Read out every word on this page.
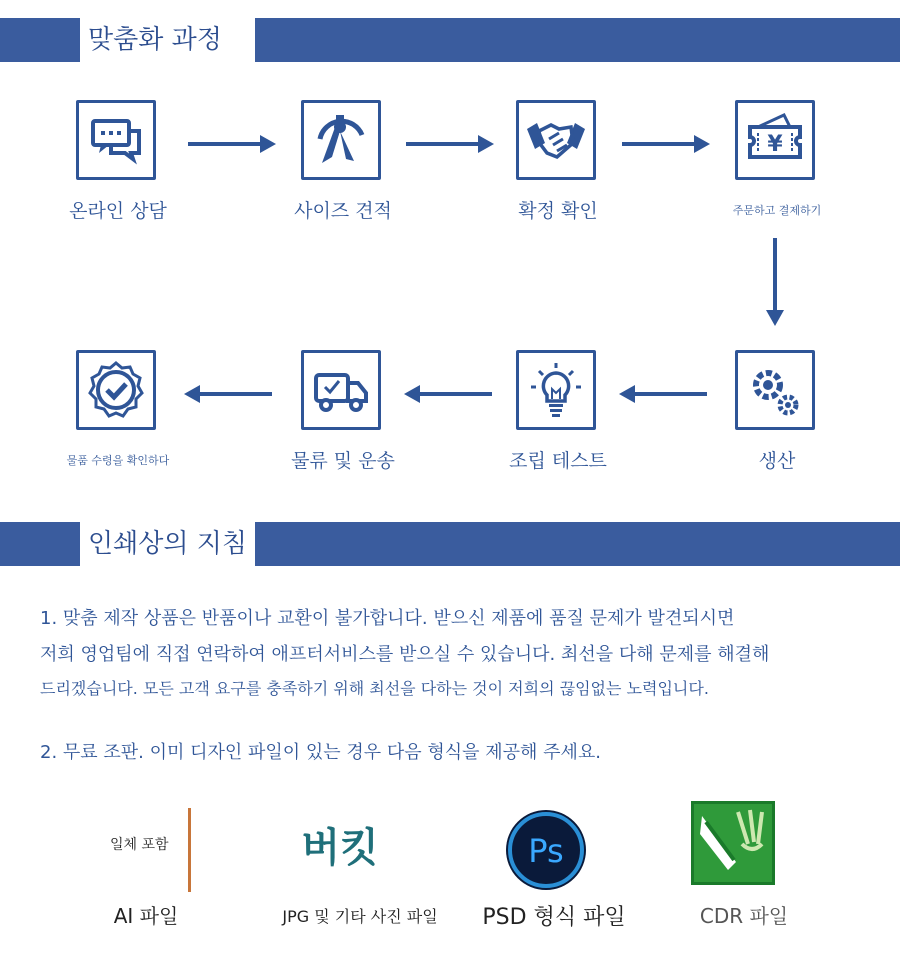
맞춤화 과정
온라인 상담	사이즈 견적	확정 확인
¥
주문하고 결제하기
생산
조립 테스트
물류 및 운송
물품 수령을 확인하다
인쇄상의 지침
1. 맞춤 제작 상품은 반품이나 교환이 불가합니다. 받으신 제품에 품질 문제가 발견되시면
저희 영업팀에 직접 연락하여 애프터서비스를 받으실 수 있습니다. 최선을 다해 문제를 해결해
드리겠습니다. 모든 고객 요구를 충족하기 위해 최선을 다하는 것이 저희의 끊임없는 노력입니다.
2. 무료 조판. 이미 디자인 파일이 있는 경우 다음 형식을 제공해 주세요.
일체 포함
AI 파일
버킷
JPG 및 기타 사진 파일
Ps
PSD 형식 파일	CDR 파일
